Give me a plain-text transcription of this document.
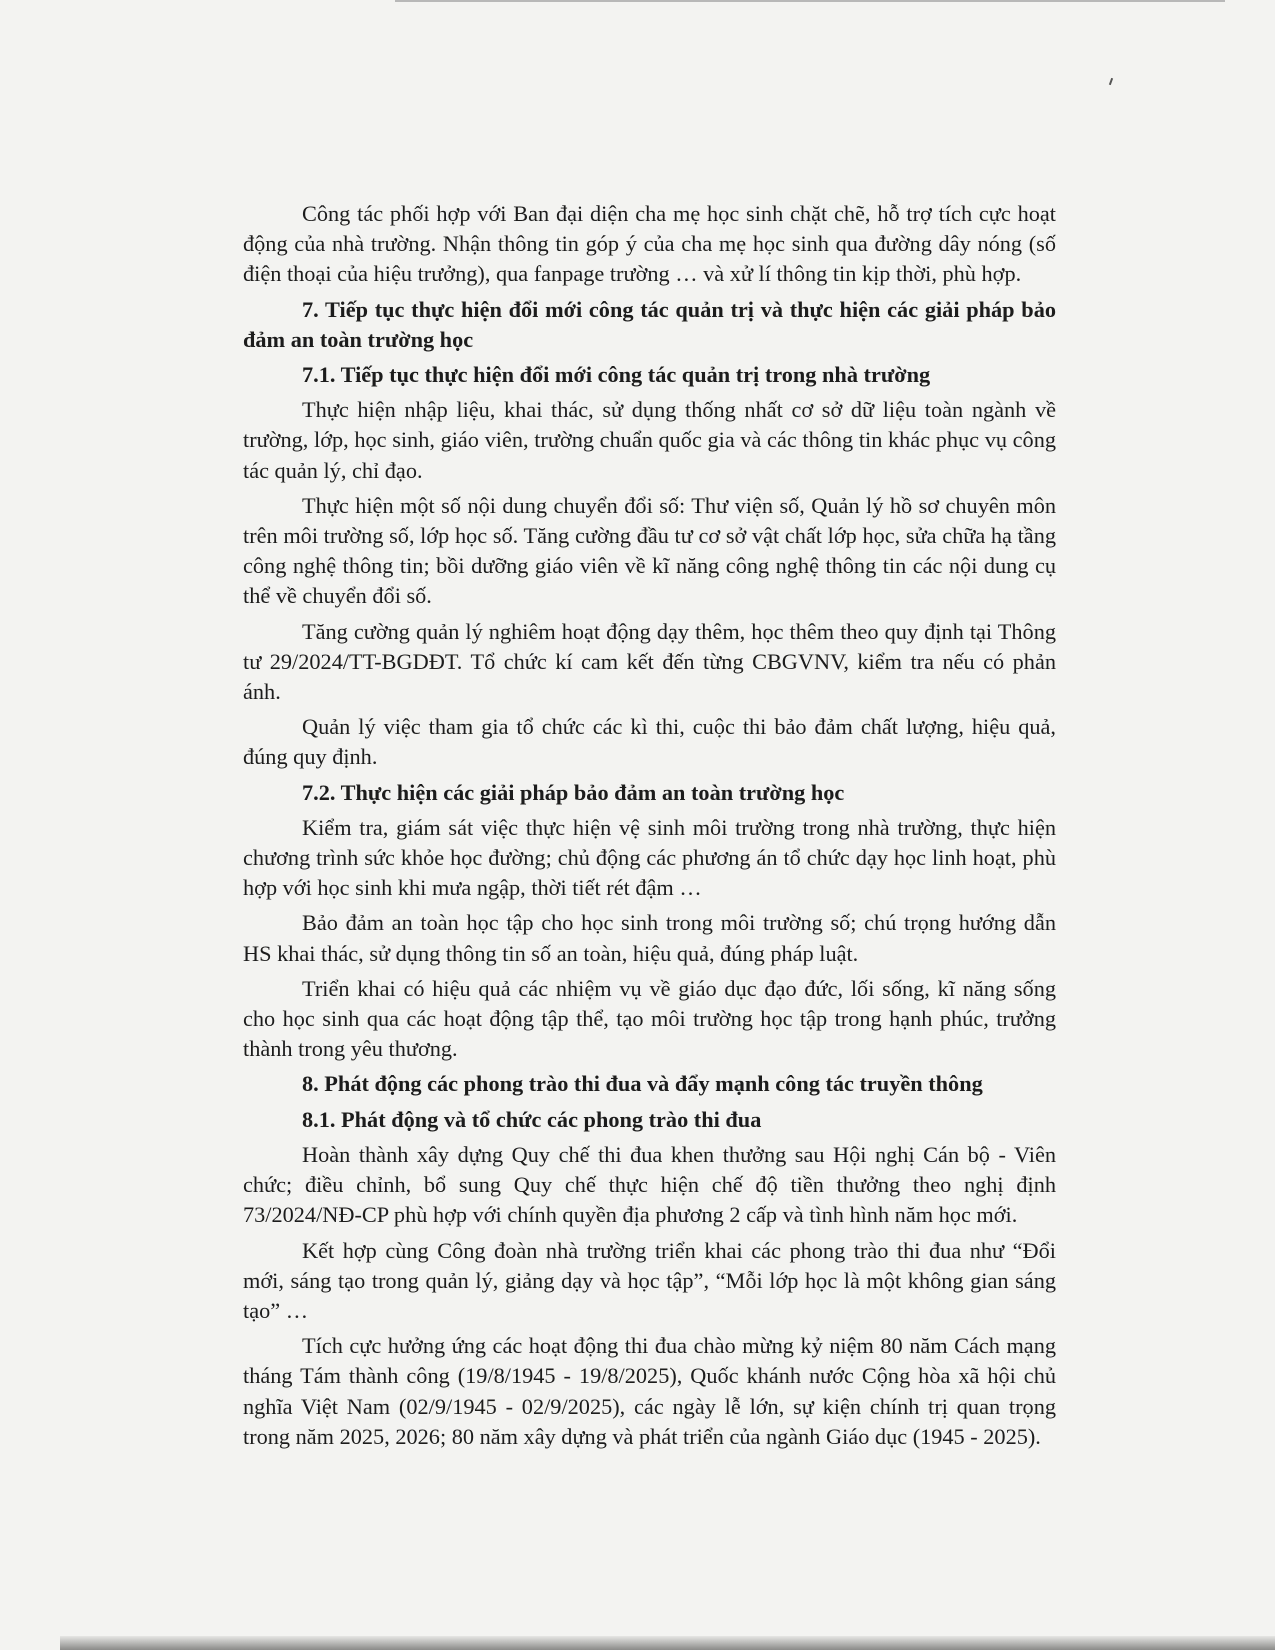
Công tác phối hợp với Ban đại diện cha mẹ học sinh chặt chẽ, hỗ trợ tích cực hoạt động của nhà trường. Nhận thông tin góp ý của cha mẹ học sinh qua đường dây nóng (số điện thoại của hiệu trưởng), qua fanpage trường … và xử lí thông tin kịp thời, phù hợp.

7. Tiếp tục thực hiện đổi mới công tác quản trị và thực hiện các giải pháp bảo đảm an toàn trường học

7.1. Tiếp tục thực hiện đổi mới công tác quản trị trong nhà trường

Thực hiện nhập liệu, khai thác, sử dụng thống nhất cơ sở dữ liệu toàn ngành về trường, lớp, học sinh, giáo viên, trường chuẩn quốc gia và các thông tin khác phục vụ công tác quản lý, chỉ đạo.

Thực hiện một số nội dung chuyển đổi số: Thư viện số, Quản lý hồ sơ chuyên môn trên môi trường số, lớp học số. Tăng cường đầu tư cơ sở vật chất lớp học, sửa chữa hạ tầng công nghệ thông tin; bồi dưỡng giáo viên về kĩ năng công nghệ thông tin các nội dung cụ thể về chuyển đổi số.

Tăng cường quản lý nghiêm hoạt động dạy thêm, học thêm theo quy định tại Thông tư 29/2024/TT-BGDĐT. Tổ chức kí cam kết đến từng CBGVNV, kiểm tra nếu có phản ánh.

Quản lý việc tham gia tổ chức các kì thi, cuộc thi bảo đảm chất lượng, hiệu quả, đúng quy định.

7.2. Thực hiện các giải pháp bảo đảm an toàn trường học

Kiểm tra, giám sát việc thực hiện vệ sinh môi trường trong nhà trường, thực hiện chương trình sức khỏe học đường; chủ động các phương án tổ chức dạy học linh hoạt, phù hợp với học sinh khi mưa ngập, thời tiết rét đậm …

Bảo đảm an toàn học tập cho học sinh trong môi trường số; chú trọng hướng dẫn HS khai thác, sử dụng thông tin số an toàn, hiệu quả, đúng pháp luật.

Triển khai có hiệu quả các nhiệm vụ về giáo dục đạo đức, lối sống, kĩ năng sống cho học sinh qua các hoạt động tập thể, tạo môi trường học tập trong hạnh phúc, trưởng thành trong yêu thương.

8. Phát động các phong trào thi đua và đẩy mạnh công tác truyền thông

8.1. Phát động và tổ chức các phong trào thi đua

Hoàn thành xây dựng Quy chế thi đua khen thưởng sau Hội nghị Cán bộ - Viên chức; điều chỉnh, bổ sung Quy chế thực hiện chế độ tiền thưởng theo nghị định 73/2024/NĐ-CP phù hợp với chính quyền địa phương 2 cấp và tình hình năm học mới.

Kết hợp cùng Công đoàn nhà trường triển khai các phong trào thi đua như “Đổi mới, sáng tạo trong quản lý, giảng dạy và học tập”, “Mỗi lớp học là một không gian sáng tạo” …

Tích cực hưởng ứng các hoạt động thi đua chào mừng kỷ niệm 80 năm Cách mạng tháng Tám thành công (19/8/1945 - 19/8/2025), Quốc khánh nước Cộng hòa xã hội chủ nghĩa Việt Nam (02/9/1945 - 02/9/2025), các ngày lễ lớn, sự kiện chính trị quan trọng trong năm 2025, 2026; 80 năm xây dựng và phát triển của ngành Giáo dục (1945 - 2025).
